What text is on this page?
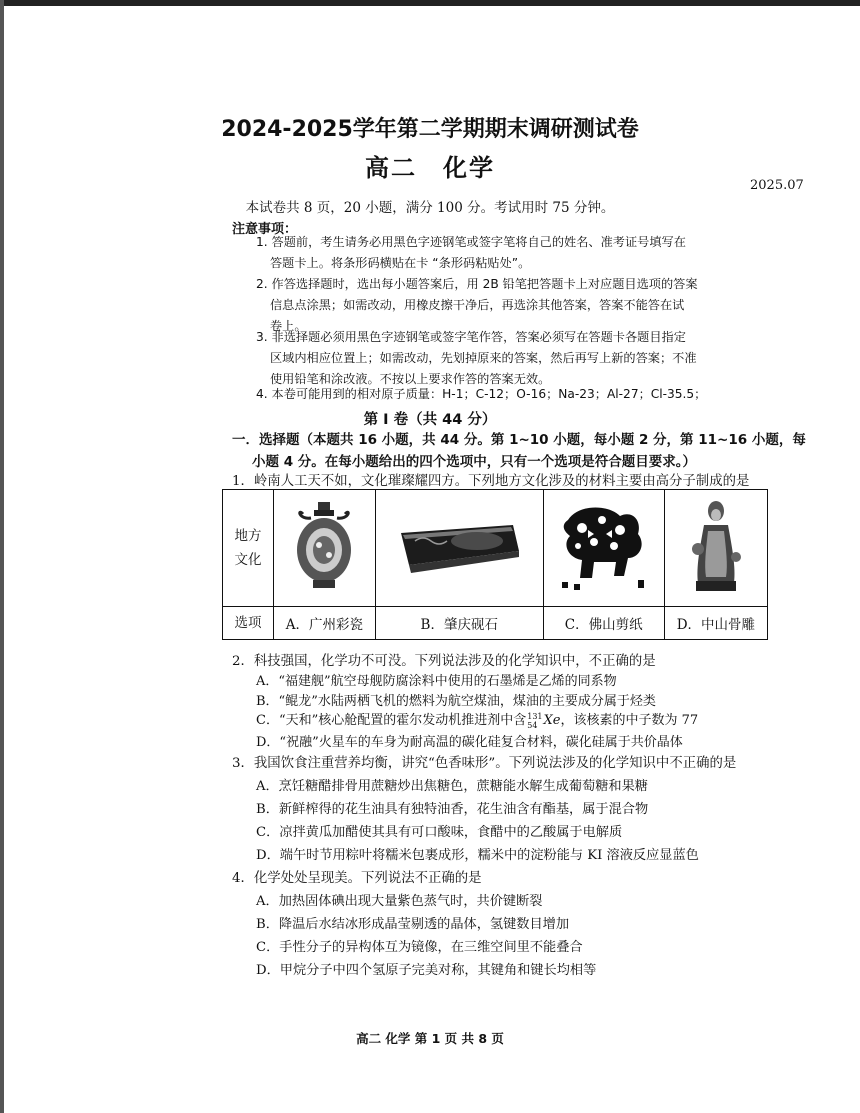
2024-2025学年第二学期期末调研测试卷
高二　化学
2025.07
本试卷共 8 页，20 小题，满分 100 分。考试用时 75 分钟。
注意事项：
1. 答题前，考生请务必用黑色字迹钢笔或签字笔将自己的姓名、准考证号填写在
答题卡上。将条形码横贴在卡 “条形码粘贴处”。
2. 作答选择题时，选出每小题答案后，用 2B 铅笔把答题卡上对应题目选项的答案
信息点涂黑；如需改动，用橡皮擦干净后，再选涂其他答案，答案不能答在试
卷上。
3. 非选择题必须用黑色字迹钢笔或签字笔作答，答案必须写在答题卡各题目指定
区域内相应位置上；如需改动，先划掉原来的答案，然后再写上新的答案；不准
使用铅笔和涂改液。不按以上要求作答的答案无效。
4. 本卷可能用到的相对原子质量：H-1；C-12；O-16；Na-23；Al-27；Cl-35.5；
第 Ⅰ 卷（共 44 分）
一．选择题（本题共 16 小题，共 44 分。第 1~10 小题，每小题 2 分，第 11~16 小题，每
小题 4 分。在每小题给出的四个选项中，只有一个选项是符合题目要求。）
1．岭南人工天不如，文化璀璨耀四方。下列地方文化涉及的材料主要由高分子制成的是
地方
文化

选项	A．广州彩瓷	B．肇庆砚石	C．佛山剪纸	D．中山骨雕
2．科技强国，化学功不可没。下列说法涉及的化学知识中，不正确的是
A．“福建舰”航空母舰防腐涂料中使用的石墨烯是乙烯的同系物
B．“鲲龙”水陆两栖飞机的燃料为航空煤油，煤油的主要成分属于烃类
C．“天和”核心舱配置的霍尔发动机推进剂中含 131
54 Xe，该核素的中子数为 77
D．“祝融”火星车的车身为耐高温的碳化硅复合材料，碳化硅属于共价晶体
3．我国饮食注重营养均衡，讲究“色香味形”。下列说法涉及的化学知识中不正确的是
A．烹饪糖醋排骨用蔗糖炒出焦糖色，蔗糖能水解生成葡萄糖和果糖
B．新鲜榨得的花生油具有独特油香，花生油含有酯基，属于混合物
C．凉拌黄瓜加醋使其具有可口酸味，食醋中的乙酸属于电解质
D．端午时节用粽叶将糯米包裹成形，糯米中的淀粉能与 KI 溶液反应显蓝色
4．化学处处呈现美。下列说法不正确的是
A．加热固体碘出现大量紫色蒸气时，共价键断裂
B．降温后水结冰形成晶莹剔透的晶体，氢键数目增加
C．手性分子的异构体互为镜像，在三维空间里不能叠合
D．甲烷分子中四个氢原子完美对称，其键角和键长均相等
高二 化学 第 1 页 共 8 页
